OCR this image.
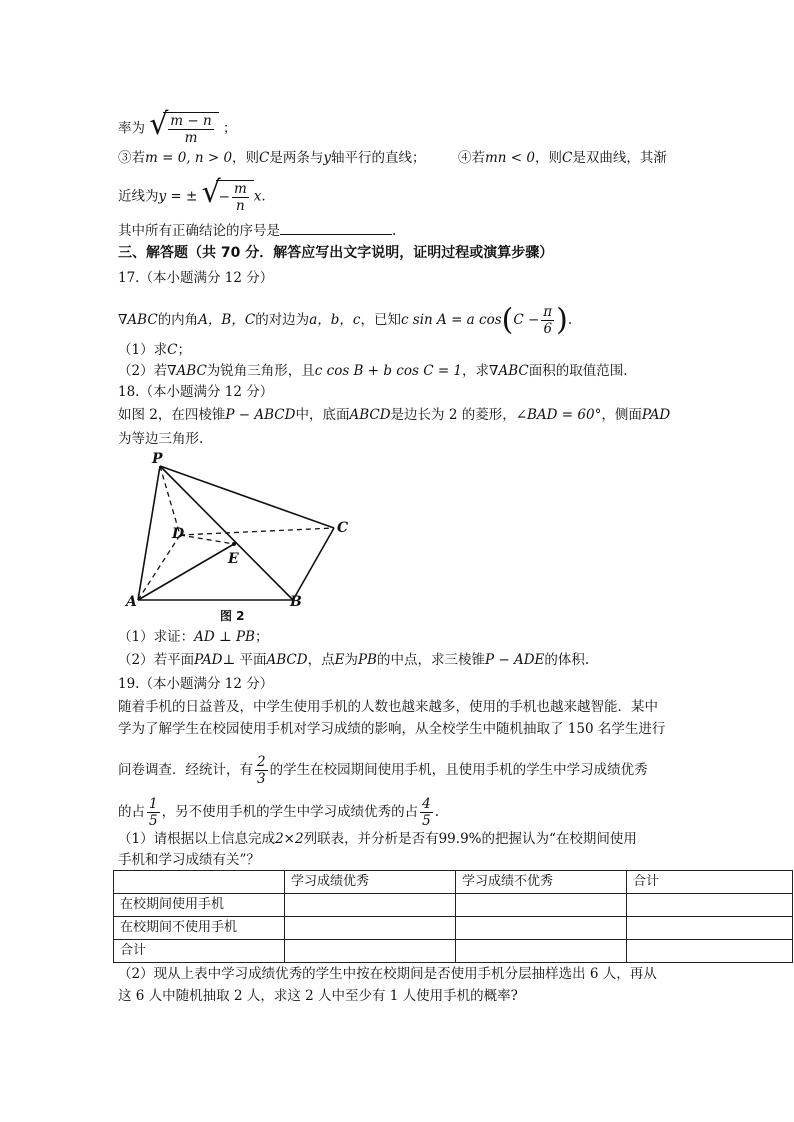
率为 √ $\frac{m - n}{m}$ ；
③若m = 0, n > 0，则C是两条与y轴平行的直线； ④若mn < 0，则C是双曲线，其渐
近线为y = ± √
− $\frac{m}{n} x$.
其中所有正确结论的序号是	.
三、解答题（共 70 分．解答应写出文字说明，证明过程或演算步骤）
17.（本小题满分 12 分）
∇ABC的内角A，B，C的对边为a，b，c，已知c sin A = a $\cos(C - \frac{\pi}{6}$ ).
（1）求C；
（2）若∇ABC为锐角三角形，且c cos B + b cos C = 1，求∇ABC面积的取值范围.
18.（本小题满分 12 分）
如图 2，在四棱锥P − ABCD中，底面ABCD是边长为 2 的菱形，∠BAD = 60°，侧面PAD
为等边三角形.
P
D	C
E
A	B
图 2
（1）求证：AD ⊥ PB；
（2）若平面PAD⊥ 平面ABCD，点E为PB的中点，求三棱锥P − ADE的体积.
19.（本小题满分 12 分）
随着手机的日益普及，中学生使用手机的人数也越来越多，使用的手机也越来越智能．某中
学为了解学生在校园使用手机对学习成绩的影响，从全校学生中随机抽取了 150 名学生进行
问卷调查．经统计，有 $\frac{2}{3}$ 的学生在校园期间使用手机，且使用手机的学生中学习成绩优秀
的占 $\frac{1}{5}$ ，另不使用手机的学生中学习成绩优秀的占 $\frac{4}{5}$ .
（1）请根据以上信息完成2×2列联表，并分析是否有99.9%的把握认为“在校期间使用
手机和学习成绩有关”？
	学习成绩优秀	学习成绩不优秀	合计
在校期间使用手机			
在校期间不使用手机			
合计			
（2）现从上表中学习成绩优秀的学生中按在校期间是否使用手机分层抽样选出 6 人，再从
这 6 人中随机抽取 2 人，求这 2 人中至少有 1 人使用手机的概率?
